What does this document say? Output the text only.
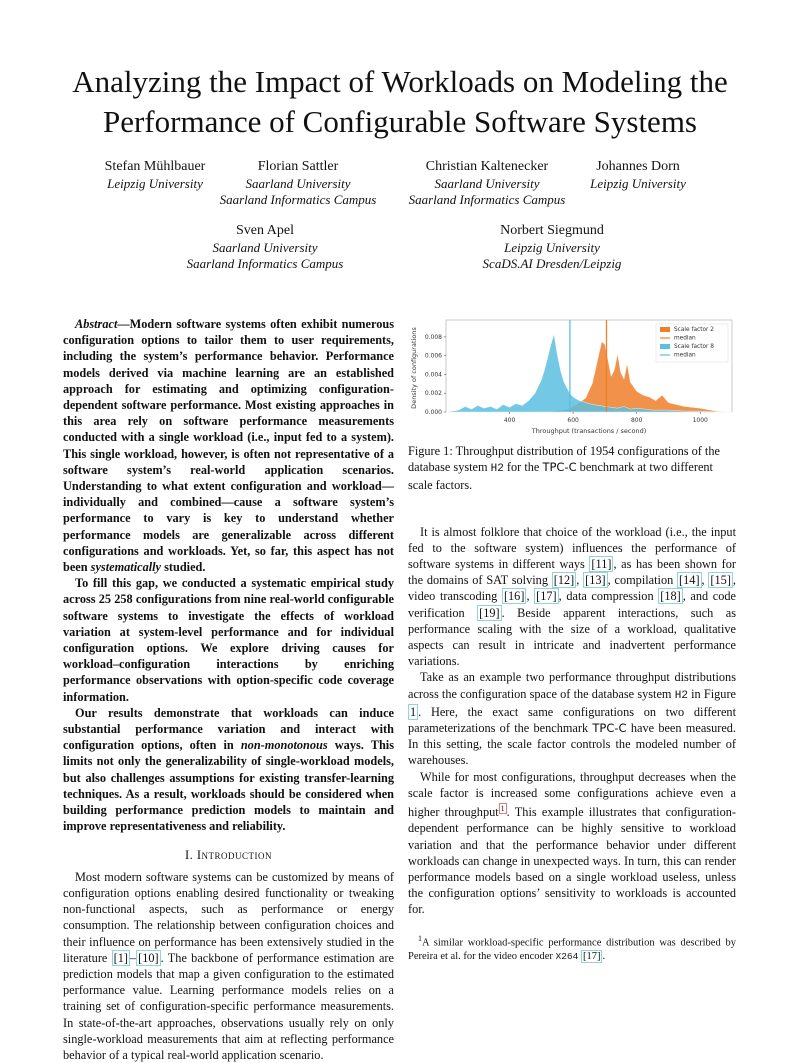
Analyzing the Impact of Workloads on Modeling the Performance of Configurable Software Systems
Stefan Mühlbauer
Leipzig University
Florian Sattler
Saarland University
Saarland Informatics Campus
Christian Kaltenecker
Saarland University
Saarland Informatics Campus
Johannes Dorn
Leipzig University
Sven Apel
Saarland University
Saarland Informatics Campus
Norbert Siegmund
Leipzig University
ScaDS.AI Dresden/Leipzig

Abstract—Modern software systems often exhibit numerous configuration options to tailor them to user requirements, including the system’s performance behavior. Performance models derived via machine learning are an established approach for estimating and optimizing configuration-dependent software performance. Most existing approaches in this area rely on software performance measurements conducted with a single workload (i.e., input fed to a system). This single workload, however, is often not representative of a software system’s real-world application scenarios. Understanding to what extent configuration and workload—individually and combined—cause a software system’s performance to vary is key to understand whether performance models are generalizable across different configurations and workloads. Yet, so far, this aspect has not been systematically studied.

To fill this gap, we conducted a systematic empirical study across 25 258 configurations from nine real-world configurable software systems to investigate the effects of workload variation at system-level performance and for individual configuration options. We explore driving causes for workload–configuration interactions by enriching performance observations with option-specific code coverage information.

Our results demonstrate that workloads can induce substantial performance variation and interact with configuration options, often in non-monotonous ways. This limits not only the generalizability of single-workload models, but also challenges assumptions for existing transfer-learning techniques. As a result, workloads should be considered when building performance prediction models to maintain and improve representativeness and reliability.

I. Introduction

Most modern software systems can be customized by means of configuration options enabling desired functionality or tweaking non-functional aspects, such as performance or energy consumption. The relationship between configuration choices and their influence on performance has been extensively studied in the literature [1] – [10] . The backbone of performance estimation are prediction models that map a given configuration to the estimated performance value. Learning performance models relies on a training set of configuration-specific performance measurements. In state-of-the-art approaches, observations usually rely on only single-workload measurements that aim at reflecting performance behavior of a typical real-world application scenario.

0.000
0.002
0.004
0.006
0.008
400	600	800	1000
Scale factor 2
median
Scale factor 8
median
Density of configurations
Throughput (transactions / second)
Figure 1: Throughput distribution of 1954 configurations of the database system H2 for the TPC-C benchmark at two different scale factors.

It is almost folklore that choice of the workload (i.e., the input fed to the software system) influences the performance of software systems in different ways [11] , as has been shown for the domains of SAT solving [12] , [13] , compilation [14] , [15] , video transcoding [16] , [17] , data compression [18] , and code verification [19] . Beside apparent interactions, such as performance scaling with the size of a workload, qualitative aspects can result in intricate and inadvertent performance variations.

Take as an example two performance throughput distributions across the configuration space of the database system H2 in Figure 1 . Here, the exact same configurations on two different parameterizations of the benchmark TPC-C have been measured. In this setting, the scale factor controls the modeled number of warehouses.

While for most configurations, throughput decreases when the scale factor is increased some configurations achieve even a higher throughput $^1$ . This example illustrates that configuration-dependent performance can be highly sensitive to workload variation and that the performance behavior under different workloads can change in unexpected ways. In turn, this can render performance models based on a single workload useless, unless the configuration options’ sensitivity to workloads is accounted for.

$^1$A similar workload-specific performance distribution was described by Pereira et al. for the video encoder X264 [17] .
